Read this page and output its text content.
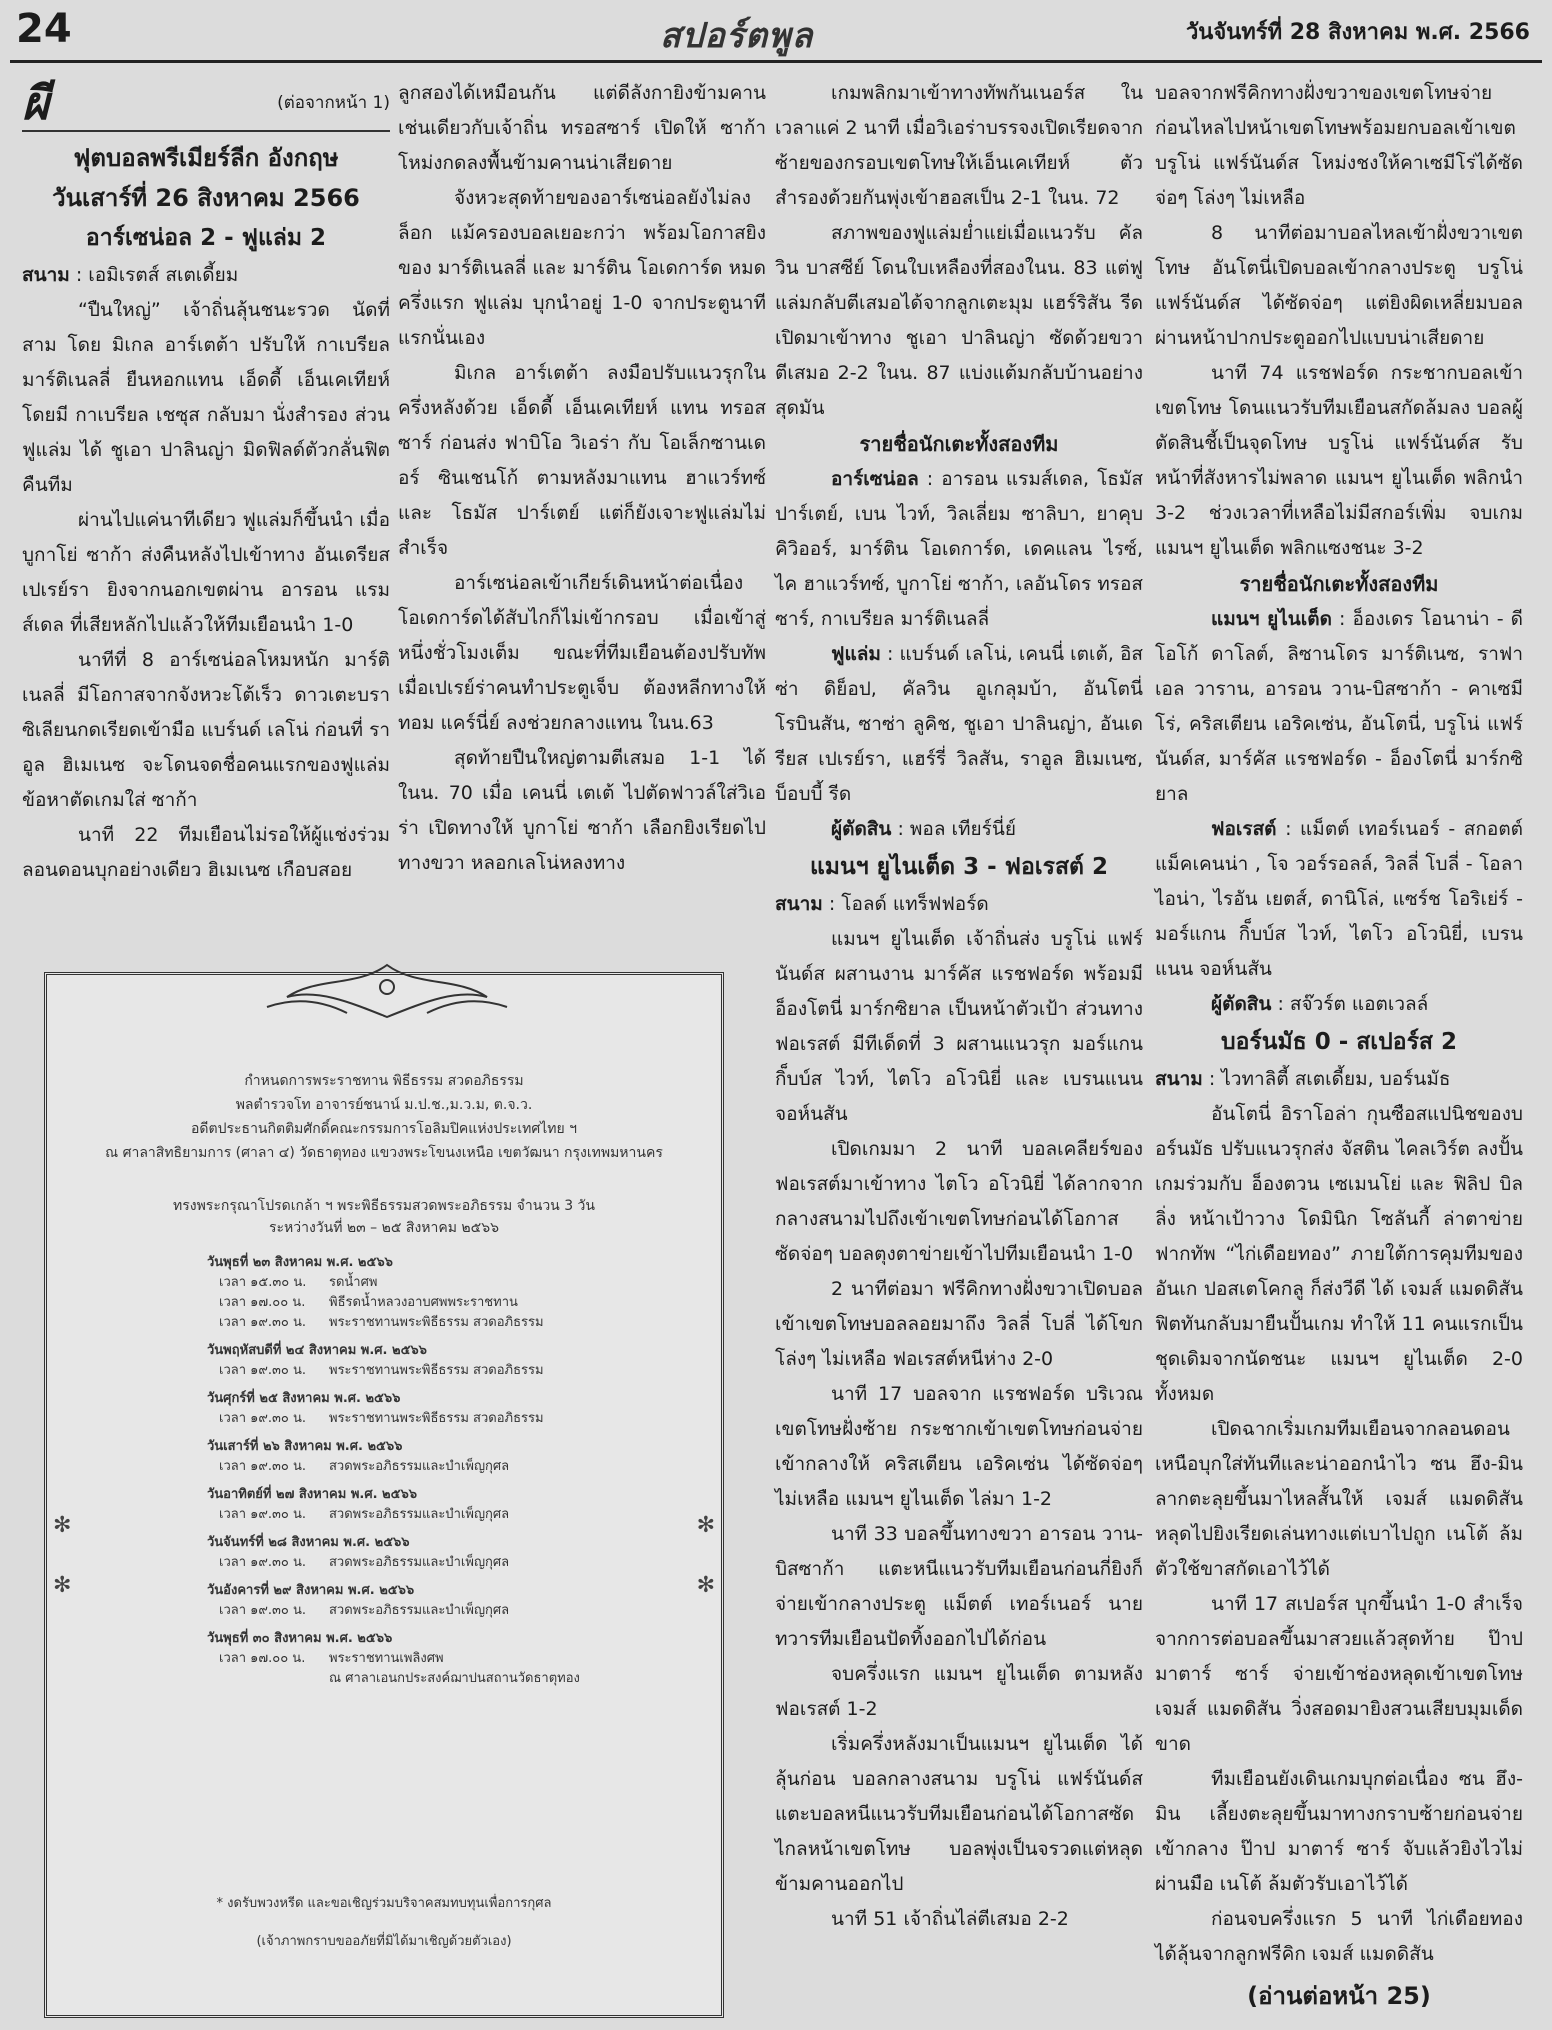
24	สปอร์ตพูล	วันจันทร์ที่ 28 สิงหาคม พ.ศ. 2566
ผี	(ต่อจากหน้า 1)
ฟุตบอลพรีเมียร์ลีก อังกฤษ
วันเสาร์ที่ 26 สิงหาคม 2566
อาร์เซน่อล 2 - ฟูแล่ม 2

สนาม : เอมิเรตส์ สเตเดี้ยม

“ปืนใหญ่” เจ้าถิ่นลุ้นชนะรวด นัดที่สาม โดย มิเกล อาร์เตต้า ปรับให้ กาเบรียล มาร์ติเนลลี่ ยืนหอกแทน เอ็ดดี้ เอ็นเคเทียห์ โดยมี กาเบรียล เชซุส กลับมา นั่งสำรอง ส่วนฟูแล่ม ได้ ชูเอา ปาลินญ่า มิดฟิลด์ตัวกลั่นฟิตคืนทีม

ผ่านไปแค่นาทีเดียว ฟูแล่มก็ขึ้นนำ เมื่อ บูกาโย่ ซาก้า ส่งคืนหลังไปเข้าทาง อันเดรียส เปเรย์รา ยิงจากนอกเขตผ่าน อารอน แรมส์เดล ที่เสียหลักไปแล้วให้ทีมเยือนนำ 1-0

นาทีที่ 8 อาร์เซน่อลโหมหนัก มาร์ติเนลลี่ มีโอกาสจากจังหวะโต้เร็ว ดาวเตะบราซิเลียนกดเรียดเข้ามือ แบร์นด์ เลโน่ ก่อนที่ ราอูล ฮิเมเนซ จะโดนจดชื่อคนแรกของฟูแล่ม ข้อหาตัดเกมใส่ ซาก้า

นาที 22 ทีมเยือนไม่รอให้ผู้แช่งร่วม ลอนดอนบุกอย่างเดียว ฮิเมเนซ เกือบสอย

ลูกสองได้เหมือนกัน แต่ดีลังกายิงข้ามคาน เช่นเดียวกับเจ้าถิ่น ทรอสซาร์ เปิดให้ ซาก้า โหม่งกดลงพื้นข้ามคานน่าเสียดาย

จังหวะสุดท้ายของอาร์เซน่อลยังไม่ลงล็อก แม้ครองบอลเยอะกว่า พร้อมโอกาสยิงของ มาร์ติเนลลี่ และ มาร์ติน โอเดการ์ด หมดครึ่งแรก ฟูแล่ม บุกนำอยู่ 1-0 จากประตูนาทีแรกนั่นเอง

มิเกล อาร์เตต้า ลงมือปรับแนวรุกในครึ่งหลังด้วย เอ็ดดี้ เอ็นเคเทียห์ แทน ทรอสซาร์ ก่อนส่ง ฟาบิโอ วิเอร่า กับ โอเล็กซานเดอร์ ซินเชนโก้ ตามหลังมาแทน ฮาแวร์ทซ์ และ โธมัส ปาร์เตย์ แต่ก็ยังเจาะฟูแล่มไม่สำเร็จ

อาร์เซน่อลเข้าเกียร์เดินหน้าต่อเนื่อง โอเดการ์ดได้สับไกก็ไม่เข้ากรอบ เมื่อเข้าสู่หนึ่งชั่วโมงเต็ม ขณะที่ทีมเยือนต้องปรับทัพ เมื่อเปเรย์ร่าคนทำประตูเจ็บ ต้องหลีกทางให้ ทอม แคร์นี่ย์ ลงช่วยกลางแทน ในน.63

สุดท้ายปืนใหญ่ตามตีเสมอ 1-1 ได้ในน. 70 เมื่อ เคนนี่ เตเต้ ไปตัดฟาวล์ใส่วิเอร่า เปิดทางให้ บูกาโย่ ซาก้า เลือกยิงเรียดไปทางขวา หลอกเลโน่หลงทาง

✻
✻
✻
✻
กำหนดการพระราชทาน พิธีธรรม สวดอภิธรรม
พลตำรวจโท อาจารย์ชนาน์ ม.ป.ช.,ม.ว.ม, ต.จ.ว.
อดีตประธานกิตติมศักดิ์คณะกรรมการโอลิมปิคแห่งประเทศไทย ฯ
ณ ศาลาสิทธิยามการ (ศาลา ๔) วัดธาตุทอง แขวงพระโขนงเหนือ เขตวัฒนา กรุงเทพมหานคร
ทรงพระกรุณาโปรดเกล้า ฯ พระพิธีธรรมสวดพระอภิธรรม จำนวน 3 วัน
ระหว่างวันที่ ๒๓ – ๒๕ สิงหาคม ๒๕๖๖
วันพุธที่ ๒๓ สิงหาคม พ.ศ. ๒๕๖๖
เวลา ๑๕.๓๐ น.	รดน้ำศพ
เวลา ๑๗.๐๐ น.	พิธีรดน้ำหลวงอาบศพพระราชทาน
เวลา ๑๙.๓๐ น.	พระราชทานพระพิธีธรรม สวดอภิธรรม
วันพฤหัสบดีที่ ๒๔ สิงหาคม พ.ศ. ๒๕๖๖
เวลา ๑๙.๓๐ น.	พระราชทานพระพิธีธรรม สวดอภิธรรม
วันศุกร์ที่ ๒๕ สิงหาคม พ.ศ. ๒๕๖๖
เวลา ๑๙.๓๐ น.	พระราชทานพระพิธีธรรม สวดอภิธรรม
วันเสาร์ที่ ๒๖ สิงหาคม พ.ศ. ๒๕๖๖
เวลา ๑๙.๓๐ น.	สวดพระอภิธรรมและบำเพ็ญกุศล
วันอาทิตย์ที่ ๒๗ สิงหาคม พ.ศ. ๒๕๖๖
เวลา ๑๙.๓๐ น.	สวดพระอภิธรรมและบำเพ็ญกุศล
วันจันทร์ที่ ๒๘ สิงหาคม พ.ศ. ๒๕๖๖
เวลา ๑๙.๓๐ น.	สวดพระอภิธรรมและบำเพ็ญกุศล
วันอังคารที่ ๒๙ สิงหาคม พ.ศ. ๒๕๖๖
เวลา ๑๙.๓๐ น.	สวดพระอภิธรรมและบำเพ็ญกุศล
วันพุธที่ ๓๐ สิงหาคม พ.ศ. ๒๕๖๖
เวลา ๑๗.๐๐ น.	พระราชทานเพลิงศพ
ณ ศาลาเอนกประสงค์ฌาปนสถานวัดธาตุทอง
* งดรับพวงหรีด และขอเชิญร่วมบริจาคสมทบทุนเพื่อการกุศล
(เจ้าภาพกราบขออภัยที่มิได้มาเชิญด้วยตัวเอง)

เกมพลิกมาเข้าทางทัพกันเนอร์ส ในเวลาแค่ 2 นาที เมื่อวิเอร่าบรรจงเปิดเรียดจากซ้ายของกรอบเขตโทษให้เอ็นเคเทียห์ ตัวสำรองด้วยกันพุ่งเข้าฮอสเป็น 2-1 ในน. 72

สภาพของฟูแล่มย่ำแย่เมื่อแนวรับ คัลวิน บาสซีย์ โดนใบเหลืองที่สองในน. 83 แต่ฟูแล่มกลับตีเสมอได้จากลูกเตะมุม แฮร์ริสัน รีด เปิดมาเข้าทาง ชูเอา ปาลินญ่า ซัดด้วยขวาตีเสมอ 2-2 ในน. 87 แบ่งแต้มกลับบ้านอย่างสุดมัน

รายชื่อนักเตะทั้งสองทีม

อาร์เซน่อล : อารอน แรมส์เดล, โธมัส ปาร์เตย์, เบน ไวท์, วิลเลี่ยม ซาลิบา, ยาคุบ คิวิออร์, มาร์ติน โอเดการ์ด, เดคแลน ไรซ์, ไค ฮาแวร์ทซ์, บูกาโย่ ซาก้า, เลอันโดร ทรอสซาร์, กาเบรียล มาร์ติเนลลี่

ฟูแล่ม : แบร์นด์ เลโน่, เคนนี่ เตเต้, อิสซ่า ดิย็อป, คัลวิน อูเกลุมบ้า, อันโตนี่ โรบินสัน, ซาซ่า ลูคิช, ชูเอา ปาลินญ่า, อันเดรียส เปเรย์รา, แฮร์รี่ วิลสัน, ราอูล ฮิเมเนซ, บ็อบบี้ รีด

ผู้ตัดสิน : พอล เทียร์นี่ย์

แมนฯ ยูไนเต็ด 3 - ฟอเรสต์ 2

สนาม : โอลด์ แทร็ฟฟอร์ด

แมนฯ ยูไนเต็ด เจ้าถิ่นส่ง บรูโน่ แฟร์นันด์ส ผสานงาน มาร์คัส แรชฟอร์ด พร้อมมี อ็องโตนี่ มาร์กซิยาล เป็นหน้าตัวเป้า ส่วนทางฟอเรสต์ มีทีเด็ดที่ 3 ผสานแนวรุก มอร์แกน กิ็บบ์ส ไวท์, ไตโว อโวนิยี่ และ เบรนแนน จอห์นสัน

เปิดเกมมา 2 นาที บอลเคลียร์ของฟอเรสต์มาเข้าทาง ไตโว อโวนิยี่ ได้ลากจากกลางสนามไปถึงเข้าเขตโทษก่อนได้โอกาสซัดจ่อๆ บอลตุงตาข่ายเข้าไปทีมเยือนนำ 1-0

2 นาทีต่อมา ฟรีคิกทางฝั่งขวาเปิดบอลเข้าเขตโทษบอลลอยมาถึง วิลลี่ โบลี่ ได้โขกโล่งๆ ไม่เหลือ ฟอเรสต์หนีห่าง 2-0

นาที 17 บอลจาก แรชฟอร์ด บริเวณเขตโทษฝั่งซ้าย กระชากเข้าเขตโทษก่อนจ่ายเข้ากลางให้ คริสเตียน เอริคเซ่น ได้ซัดจ่อๆ ไม่เหลือ แมนฯ ยูไนเต็ด ไล่มา 1-2

นาที 33 บอลขึ้นทางขวา อารอน วาน-บิสซาก้า แตะหนีแนวรับทีมเยือนก่อนกี่ยิงก็จ่ายเข้ากลางประตู แม็ตต์ เทอร์เนอร์ นายทวารทีมเยือนปัดทิ้งออกไปได้ก่อน

จบครึ่งแรก แมนฯ ยูไนเต็ด ตามหลัง ฟอเรสต์ 1-2

เริ่มครึ่งหลังมาเป็นแมนฯ ยูไนเต็ด ได้ลุ้นก่อน บอลกลางสนาม บรูโน่ แฟร์นันด์ส แตะบอลหนีแนวรับทีมเยือนก่อนได้โอกาสซัดไกลหน้าเขตโทษ บอลพุ่งเป็นจรวดแต่หลุดข้ามคานออกไป

นาที 51 เจ้าถิ่นไล่ตีเสมอ 2-2

บอลจากฟรีคิกทางฝั่งขวาของเขตโทษจ่ายก่อนไหลไปหน้าเขตโทษพร้อมยกบอลเข้าเขต บรูโน่ แฟร์นันด์ส โหม่งชงให้คาเซมีโร่ได้ซัดจ่อๆ โล่งๆ ไม่เหลือ

8 นาทีต่อมาบอลไหลเข้าฝั่งขวาเขตโทษ อันโตนี่เปิดบอลเข้ากลางประตู บรูโน่ แฟร์นันด์ส ได้ซัดจ่อๆ แต่ยิงผิดเหลี่ยมบอลผ่านหน้าปากประตูออกไปแบบน่าเสียดาย

นาที 74 แรชฟอร์ด กระชากบอลเข้าเขตโทษ โดนแนวรับทีมเยือนสกัดล้มลง บอลผู้ตัดสินชี้เป็นจุดโทษ บรูโน่ แฟร์นันด์ส รับหน้าที่สังหารไม่พลาด แมนฯ ยูไนเต็ด พลิกนำ 3-2 ช่วงเวลาที่เหลือไม่มีสกอร์เพิ่ม จบเกม แมนฯ ยูไนเต็ด พลิกแซงชนะ 3-2

รายชื่อนักเตะทั้งสองทีม

แมนฯ ยูไนเต็ด : อ็องเดร โอนาน่า - ดีโอโก้ ดาโลต์, ลิซานโดร มาร์ติเนซ, ราฟาเอล วาราน, อารอน วาน-บิสซาก้า - คาเซมีโร่, คริสเตียน เอริคเซ่น, อันโตนี่, บรูโน่ แฟร์นันด์ส, มาร์คัส แรชฟอร์ด - อ็องโตนี่ มาร์กซิยาล

ฟอเรสต์ : แม็ตต์ เทอร์เนอร์ - สกอตต์ แม็คเคนน่า , โจ วอร์รอลล์, วิลลี่ โบลี่ - โอลา ไอน่า, ไรอัน เยตส์, ดานิโล่, แซร์ช โอริเย่ร์ - มอร์แกน กิ็บบ์ส ไวท์, ไตโว อโวนิยี่, เบรนแนน จอห์นสัน

ผู้ตัดสิน : สจ๊วร์ต แอตเวลล์

บอร์นมัธ 0 - สเปอร์ส 2

สนาม : ไวทาลิตี้ สเตเดี้ยม, บอร์นมัธ

อันโตนี่ อิราโอล่า กุนซือสแปนิชของบอร์นมัธ ปรับแนวรุกส่ง จัสติน ไคลเวิร์ต ลงปั้นเกมร่วมกับ อ็องตวน เซเมนโย่ และ ฟิลิป บิลลิ่ง หน้าเป้าวาง โดมินิก โซลันกี้ ล่าตาข่าย ฟากทัพ “ไก่เดือยทอง” ภายใต้การคุมทีมของ อันเก ปอสเตโคกลู ก็ส่งวีดี ได้ เจมส์ แมดดิสัน ฟิตทันกลับมายืนปั้นเกม ทำให้ 11 คนแรกเป็นชุดเดิมจากนัดชนะ แมนฯ ยูไนเต็ด 2-0 ทั้งหมด

เปิดฉากเริ่มเกมทีมเยือนจากลอนดอนเหนือบุกใส่ทันทีและน่าออกนำไว ซน ฮึง-มิน ลากตะลุยขึ้นมาไหลสั้นให้ เจมส์ แมดดิสัน หลุดไปยิงเรียดเล่นทางแต่เบาไปถูก เนโต้ ล้มตัวใช้ขาสกัดเอาไว้ได้

นาที 17 สเปอร์ส บุกขึ้นนำ 1-0 สำเร็จ จากการต่อบอลขึ้นมาสวยแล้วสุดท้าย ป๊าป มาตาร์ ซาร์ จ่ายเข้าช่องหลุดเข้าเขตโทษ เจมส์ แมดดิสัน วิ่งสอดมายิงสวนเสียบมุมเด็ดขาด

ทีมเยือนยังเดินเกมบุกต่อเนื่อง ซน ฮึง-มิน เลี้ยงตะลุยขึ้นมาทางกราบซ้ายก่อนจ่ายเข้ากลาง ป๊าป มาตาร์ ซาร์ จับแล้วยิงไวไม่ผ่านมือ เนโต้ ล้มตัวรับเอาไว้ได้

ก่อนจบครึ่งแรก 5 นาที ไก่เดือยทอง ได้ลุ้นจากลูกฟรีคิก เจมส์ แมดดิสัน

(อ่านต่อหน้า 25)
